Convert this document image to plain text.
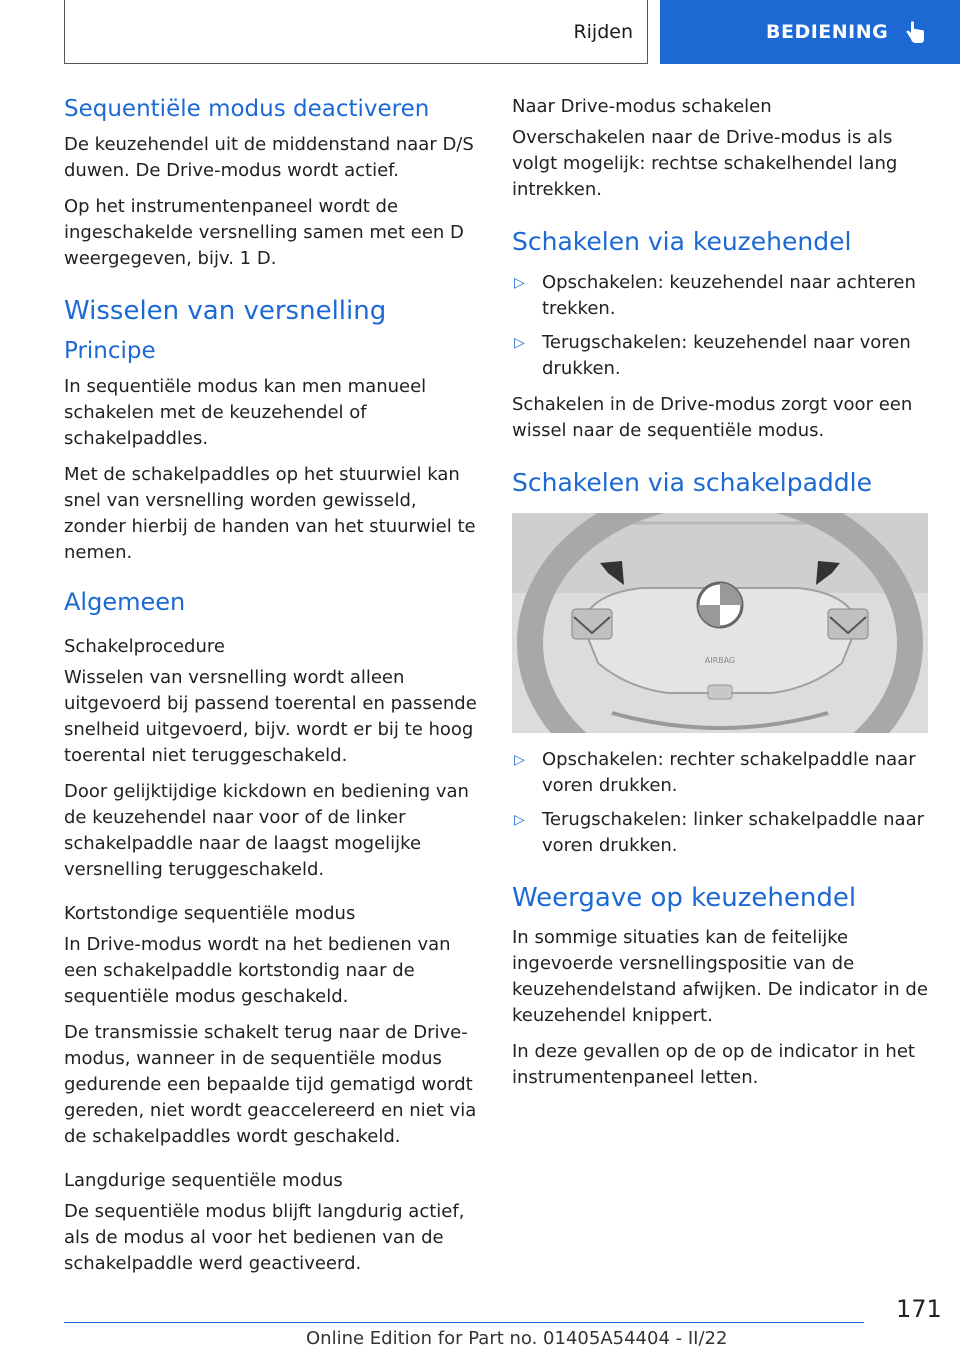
Rijden	BEDIENING
Sequentiële modus deactiveren

De keuzehendel uit de middenstand naar D/S duwen. De Drive-modus wordt actief.

Op het instrumentenpaneel wordt de ingeschakelde versnelling samen met een D weergegeven, bijv. 1 D.

Wisselen van versnelling
Principe

In sequentiële modus kan men manueel schakelen met de keuzehendel of schakelpaddles.

Met de schakelpaddles op het stuurwiel kan snel van versnelling worden gewisseld, zonder hierbij de handen van het stuurwiel te nemen.

Algemeen
Schakelprocedure

Wisselen van versnelling wordt alleen uitgevoerd bij passend toerental en passende snelheid uitgevoerd, bijv. wordt er bij te hoog toerental niet teruggeschakeld.

Door gelijktijdige kickdown en bediening van de keuzehendel naar voor of de linker schakelpaddle naar de laagst mogelijke versnelling teruggeschakeld.

Kortstondige sequentiële modus

In Drive-modus wordt na het bedienen van een schakelpaddle kortstondig naar de sequentiële modus geschakeld.

De transmissie schakelt terug naar de Drive-modus, wanneer in de sequentiële modus gedurende een bepaalde tijd gematigd wordt gereden, niet wordt geaccelereerd en niet via de schakelpaddles wordt geschakeld.

Langdurige sequentiële modus

De sequentiële modus blijft langdurig actief, als de modus al voor het bedienen van de schakelpaddle werd geactiveerd.

Naar Drive-modus schakelen

Overschakelen naar de Drive-modus is als volgt mogelijk: rechtse schakelhendel lang intrekken.

Schakelen via keuzehendel
▷ Opschakelen: keuzehendel naar achteren trekken.
▷ Terugschakelen: keuzehendel naar voren drukken.

Schakelen in de Drive-modus zorgt voor een wissel naar de sequentiële modus.

Schakelen via schakelpaddle
AIRBAG
▷ Opschakelen: rechter schakelpaddle naar voren drukken.
▷ Terugschakelen: linker schakelpaddle naar voren drukken.
Weergave op keuzehendel

In sommige situaties kan de feitelijke ingevoerde versnellingspositie van de keuzehendelstand afwijken. De indicator in de keuzehendel knippert.

In deze gevallen op de op de indicator in het instrumentenpaneel letten.

171
Online Edition for Part no. 01405A54404 - II/22
